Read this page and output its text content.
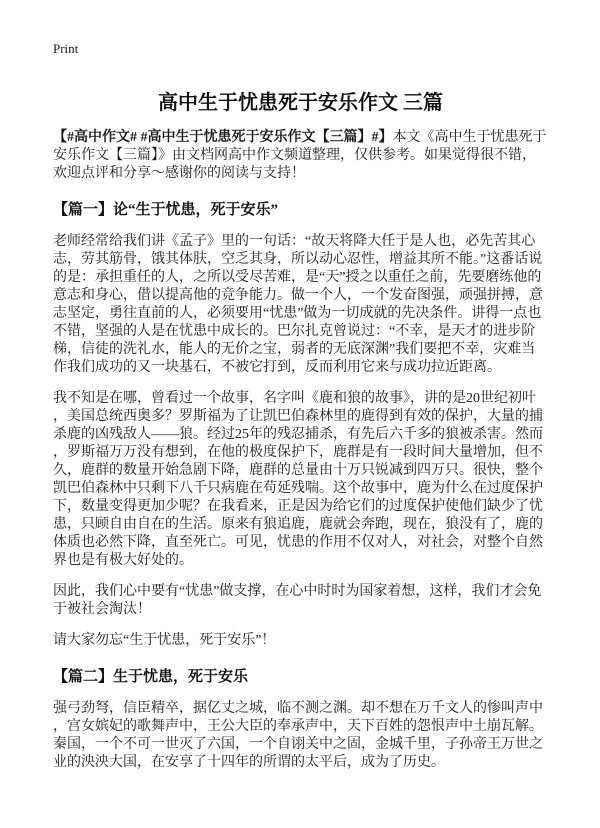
Print
高中生于忧患死于安乐作文 三篇

【#高中作文# #高中生于忧患死于安乐作文【三篇】#】本文《高中生于忧患死于安乐作文【三篇】》由文档网高中作文频道整理，仅供参考。如果觉得很不错，欢迎点评和分享～感谢你的阅读与支持！

【篇一】论“生于忧患，死于安乐”

老师经常给我们讲《孟子》里的一句话：“故天将降大任于是人也，必先苦其心志，劳其筋骨，饿其体肤，空乏其身，所以动心忍性，增益其所不能。”这番话说的是：承担重任的人，之所以受尽苦难，是“天”授之以重任之前，先要磨练他的意志和身心，借以提高他的竞争能力。做一个人，一个发奋图强，顽强拼搏，意志坚定，勇往直前的人，必须要用“忧患”做为一切成就的先决条件。讲得一点也不错，坚强的人是在忧患中成长的。巴尔扎克曾说过：“不幸，是天才的进步阶梯，信徒的洗礼水，能人的无价之宝，弱者的无底深渊”我们要把不幸，灾难当作我们成功的又一块基石，不被它打到，反而利用它来与成功拉近距离。

我不知是在哪，曾看过一个故事，名字叫《鹿和狼的故事》，讲的是20世纪初叶，美国总统西奥多？罗斯福为了让凯巴伯森林里的鹿得到有效的保护，大量的捕杀鹿的凶残敌人——狼。经过25年的残忍捕杀，有先后六千多的狼被杀害。然而，罗斯福万万没有想到，在他的极度保护下，鹿群是有一段时间大量增加，但不久，鹿群的数量开始急剧下降，鹿群的总量由十万只锐减到四万只。很快，整个凯巴伯森林中只剩下八千只病鹿在苟延残喘。这个故事中，鹿为什么在过度保护下，数量变得更加少呢？在我看来，正是因为给它们的过度保护使他们缺少了忧患，只顾自由自在的生活。原来有狼追鹿，鹿就会奔跑，现在，狼没有了，鹿的体质也必然下降，直至死亡。可见，忧患的作用不仅对人，对社会，对整个自然界也是有极大好处的。

因此，我们心中要有“忧患”做支撑，在心中时时为国家着想，这样，我们才会免于被社会淘汰！

请大家勿忘“生于忧患，死于安乐”！

【篇二】生于忧患，死于安乐

强弓劲弩，信臣精卒，据亿丈之城，临不测之渊。却不想在万千文人的惨叫声中，宫女嫔妃的歌舞声中，王公大臣的奉承声中，天下百姓的怨恨声中土崩瓦解。秦国，一个不可一世灭了六国，一个自诩关中之固，金城千里，子孙帝王万世之业的泱泱大国，在安享了十四年的所谓的太平后，成为了历史。
